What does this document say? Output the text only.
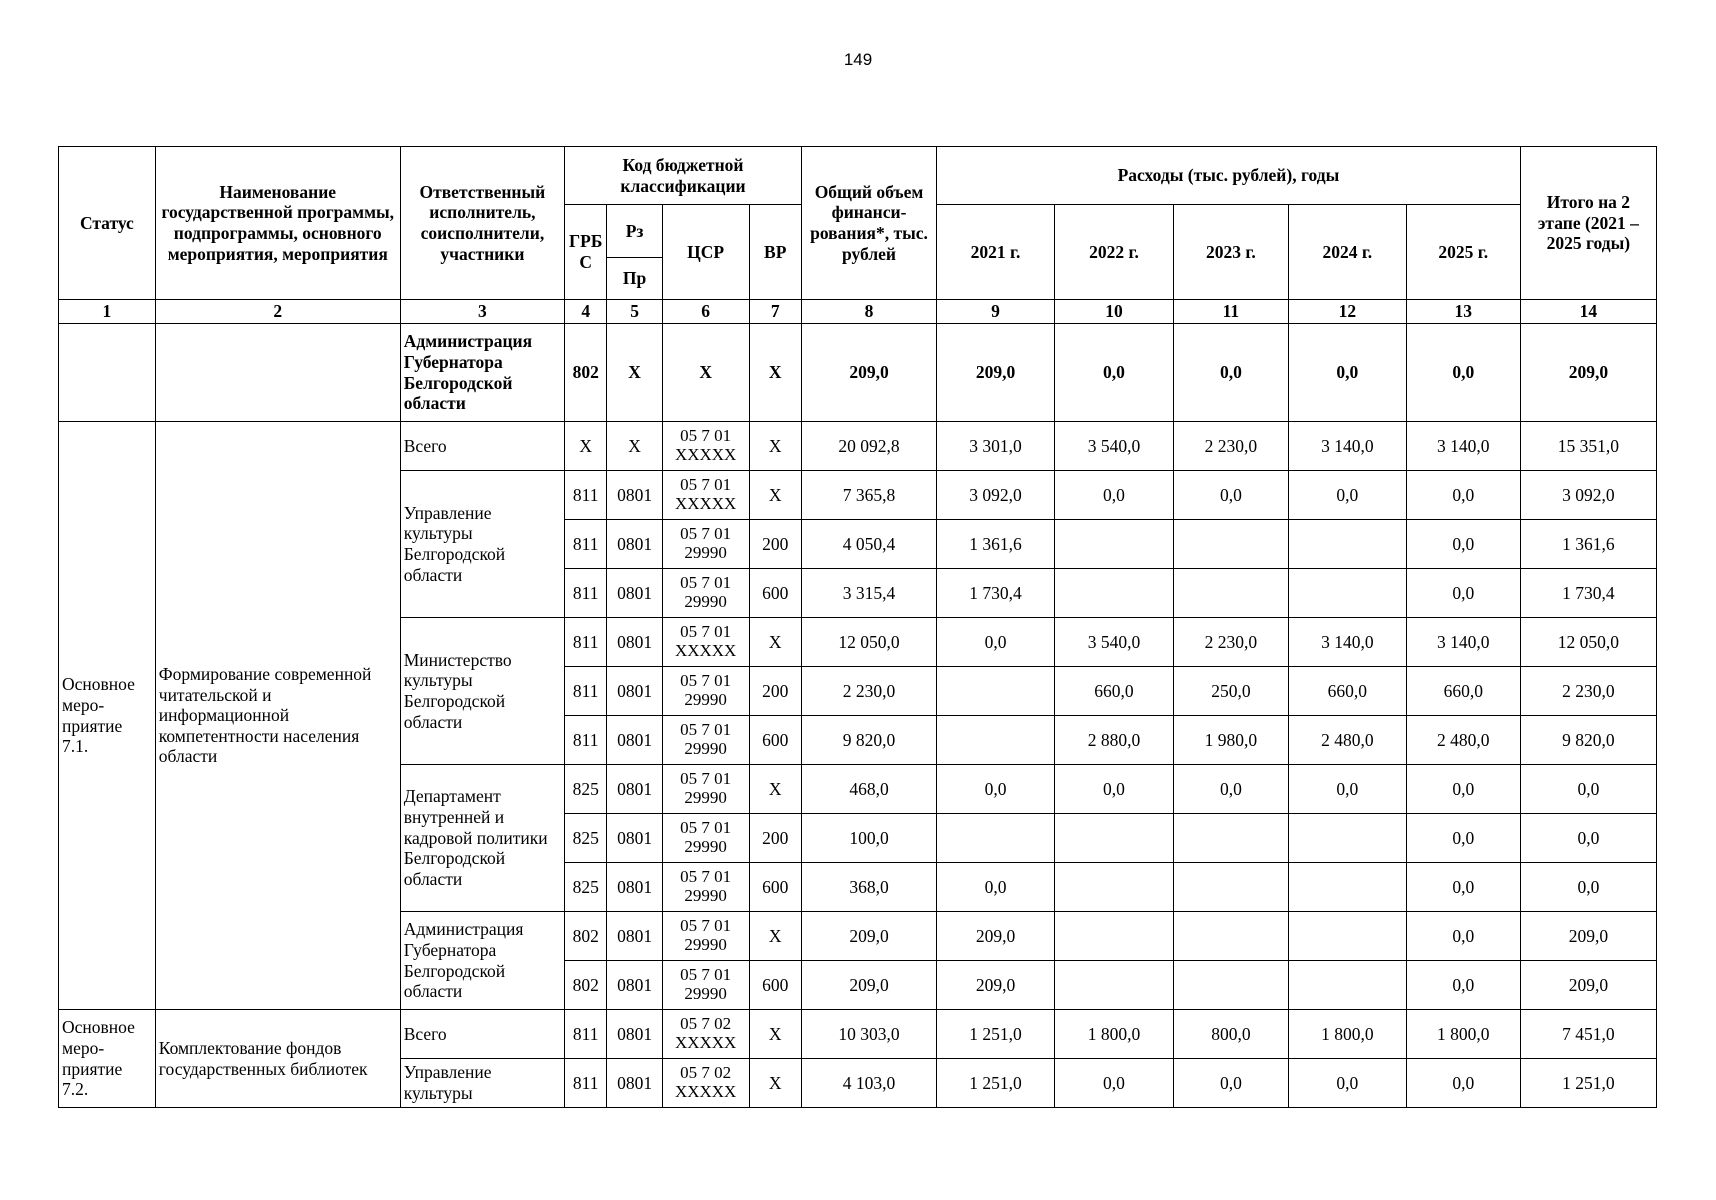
149
Статус	Наименование государственной программы, подпрограммы, основного мероприятия, мероприятия	Ответственный исполнитель, соисполнители, участники	Код бюджетной классификации				Общий объем финанси-рования*, тыс. рублей	Расходы (тыс. рублей), годы					Итого на 2 этапе (2021 – 2025 годы)
			ГРБ С	Рз	ЦСР	ВР		2021 г.	2022 г.	2023 г.	2024 г.	2025 г.	
				Пр									
1	2	3	4	5	6	7	8	9	10	11	12	13	14
		Администрация Губернатора Белгородской области	802	Х	Х	Х	209,0	209,0	0,0	0,0	0,0	0,0	209,0
Основное меро-приятие 7.1.	Формирование современной читательской и информационной компетентности населения области	Всего	Х	Х	05 7 01 XXXXX	Х	20 092,8	3 301,0	3 540,0	2 230,0	3 140,0	3 140,0	15 351,0
		Управление культуры Белгородской области	811	0801	05 7 01 XXXXX	Х	7 365,8	3 092,0	0,0	0,0	0,0	0,0	3 092,0
			811	0801	05 7 01 29990	200	4 050,4	1 361,6				0,0	1 361,6
			811	0801	05 7 01 29990	600	3 315,4	1 730,4				0,0	1 730,4
		Министерство культуры Белгородской области	811	0801	05 7 01 XXXXX	Х	12 050,0	0,0	3 540,0	2 230,0	3 140,0	3 140,0	12 050,0
			811	0801	05 7 01 29990	200	2 230,0		660,0	250,0	660,0	660,0	2 230,0
			811	0801	05 7 01 29990	600	9 820,0		2 880,0	1 980,0	2 480,0	2 480,0	9 820,0
		Департамент внутренней и кадровой политики Белгородской области	825	0801	05 7 01 29990	Х	468,0	0,0	0,0	0,0	0,0	0,0	0,0
			825	0801	05 7 01 29990	200	100,0					0,0	0,0
			825	0801	05 7 01 29990	600	368,0	0,0				0,0	0,0
		Администрация Губернатора Белгородской области	802	0801	05 7 01 29990	Х	209,0	209,0				0,0	209,0
			802	0801	05 7 01 29990	600	209,0	209,0				0,0	209,0
Основное меро-приятие 7.2.	Комплектование фондов государственных библиотек	Всего	811	0801	05 7 02 XXXXX	Х	10 303,0	1 251,0	1 800,0	800,0	1 800,0	1 800,0	7 451,0
		Управление культуры	811	0801	05 7 02 XXXXX	Х	4 103,0	1 251,0	0,0	0,0	0,0	0,0	1 251,0
